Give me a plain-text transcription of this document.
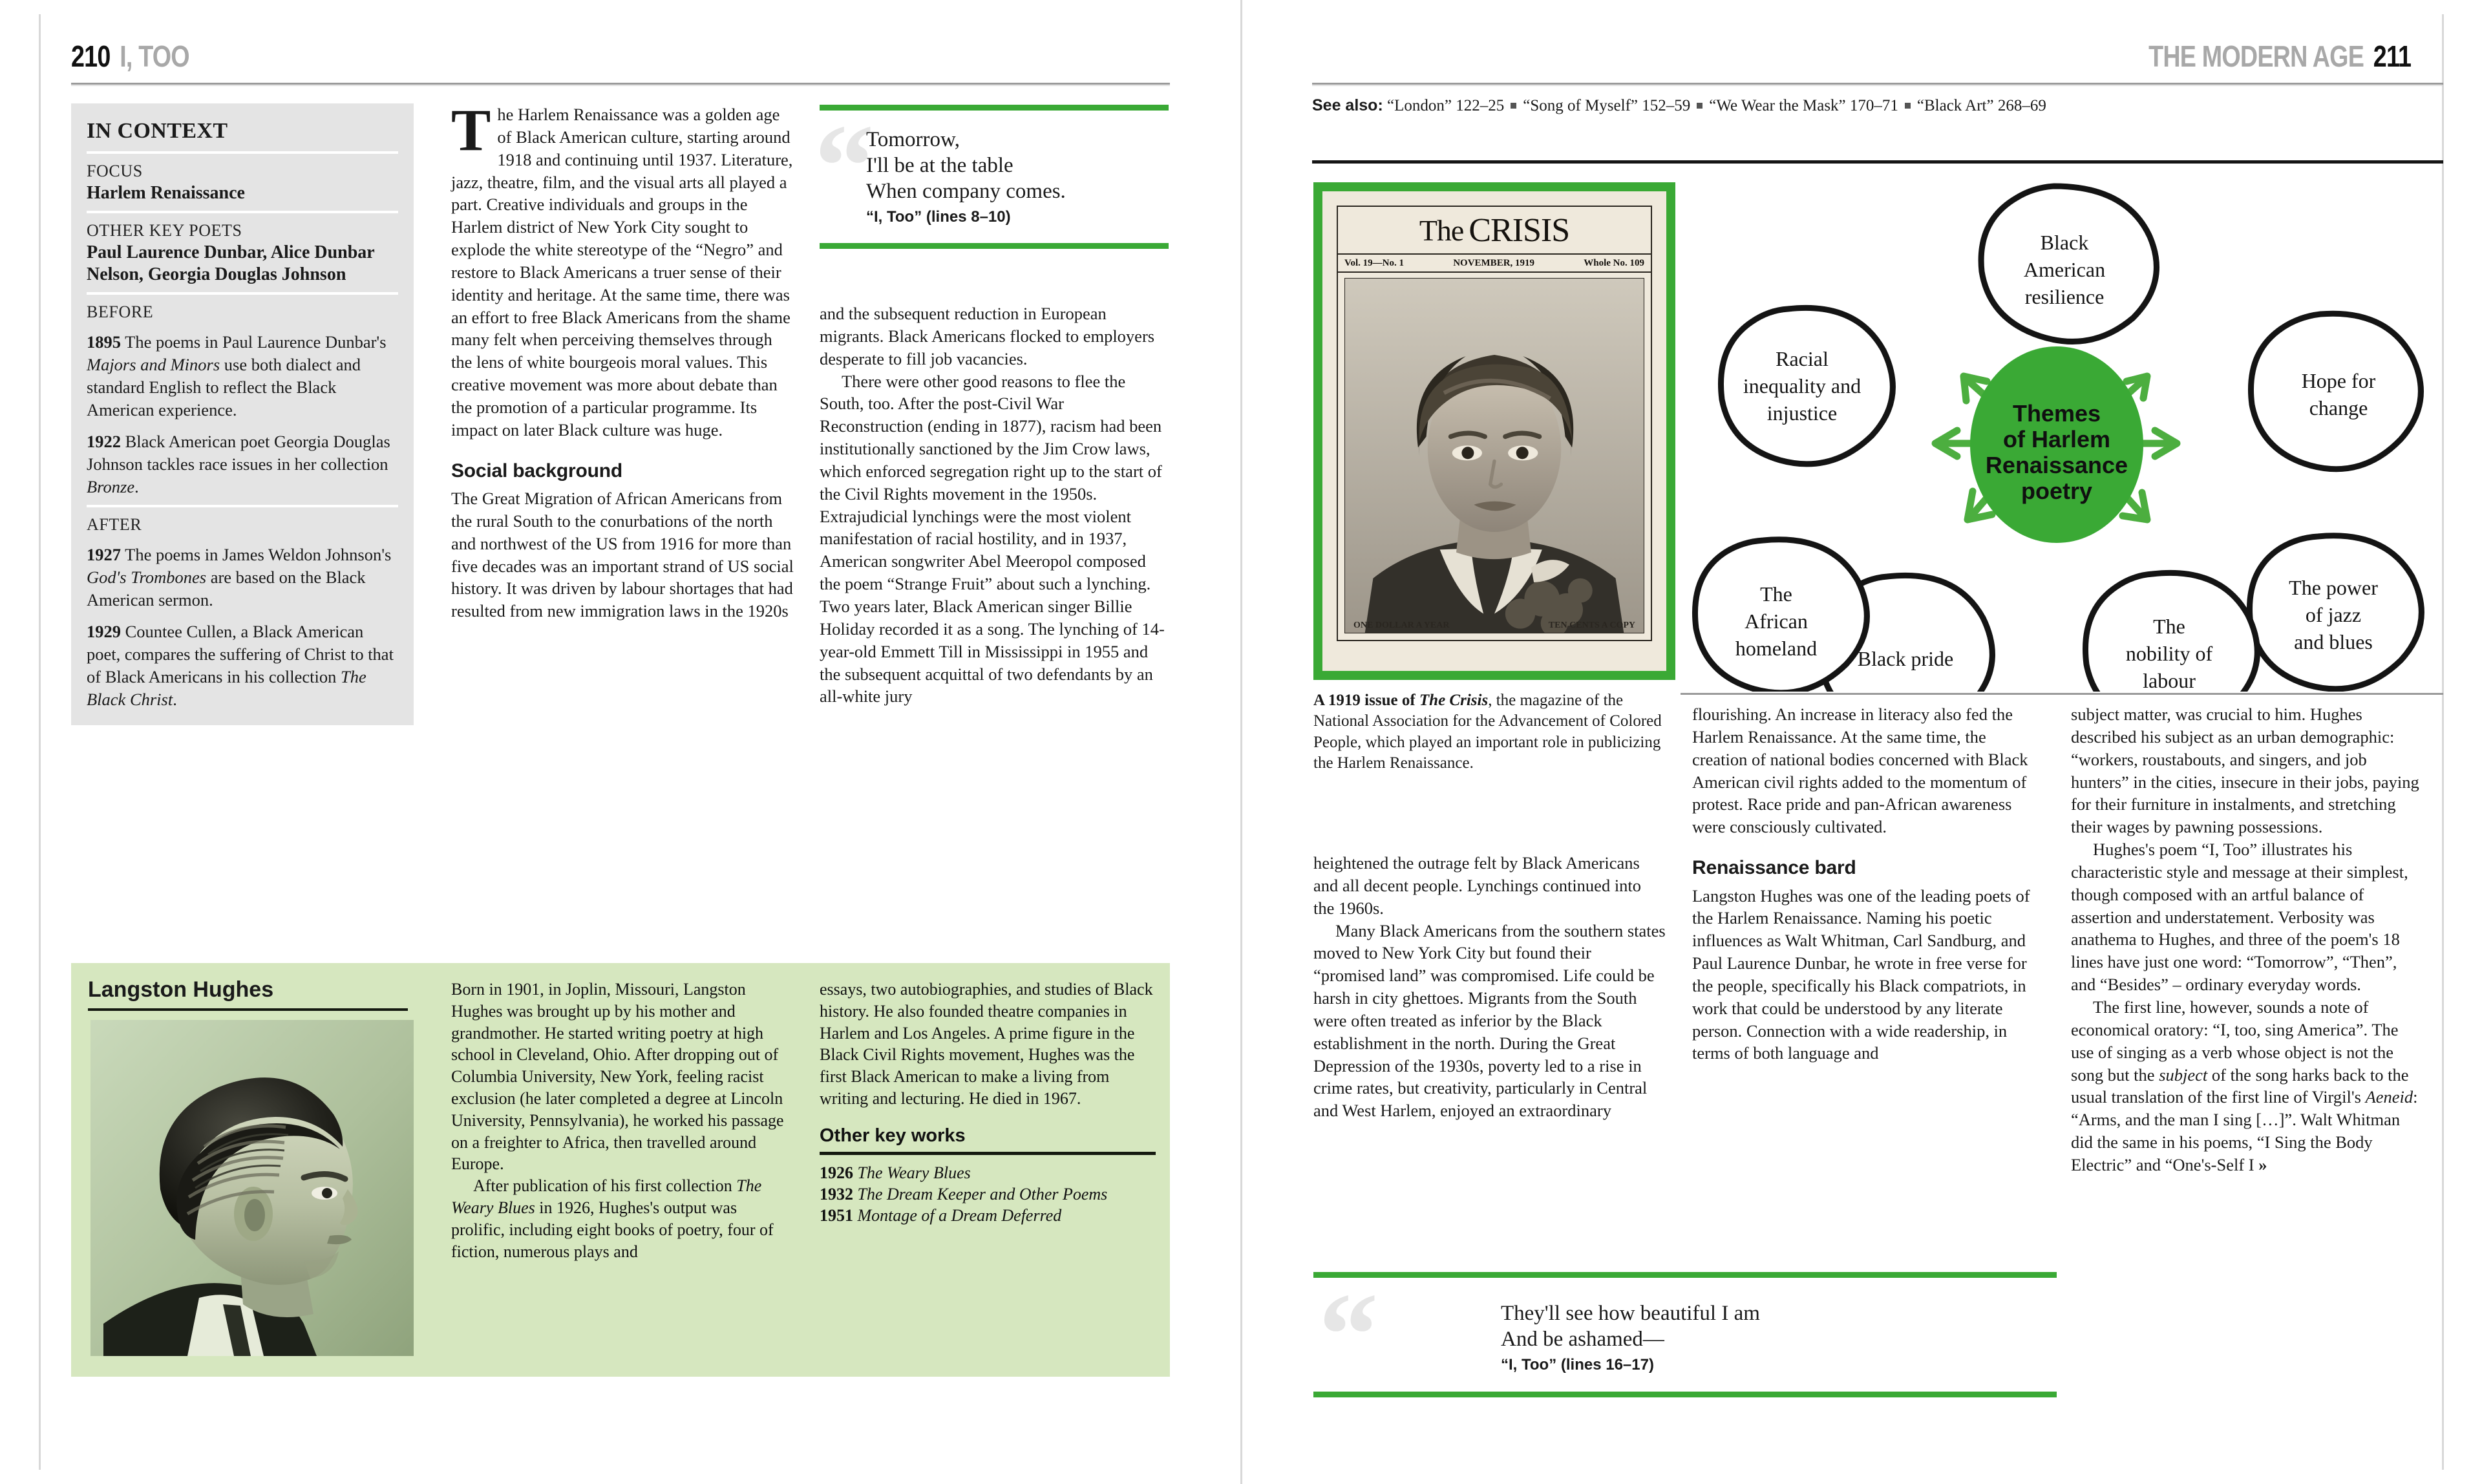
210 I, TOO
IN CONTEXT
FOCUS
Harlem Renaissance
OTHER KEY POETS
Paul Laurence Dunbar, Alice Dunbar Nelson, Georgia Douglas Johnson
BEFORE
1895 The poems in Paul Laurence Dunbar's Majors and Minors use both dialect and standard English to reflect the Black American experience.
1922 Black American poet Georgia Douglas Johnson tackles race issues in her collection Bronze.
AFTER
1927 The poems in James Weldon Johnson's God's Trombones are based on the Black American sermon.
1929 Countee Cullen, a Black American poet, compares the suffering of Christ to that of Black Americans in his collection The Black Christ.
T he Harlem Renaissance was a golden age of Black American culture, starting around 1918 and continuing until 1937. Literature, jazz, theatre, film, and the visual arts all played a part. Creative individuals and groups in the Harlem district of New York City sought to explode the white stereotype of the “Negro” and restore to Black Americans a truer sense of their identity and heritage. At the same time, there was an effort to free Black Americans from the shame many felt when perceiving themselves through the lens of white bourgeois moral values. This creative movement was more about debate than the promotion of a particular programme. Its impact on later Black culture was huge.

Social background

The Great Migration of African Americans from the rural South to the conurbations of the north and northwest of the US from 1916 for more than five decades was an important strand of US social history. It was driven by labour shortages that had resulted from new immigration laws in the 1920s

“
Tomorrow,
I'll be at the table
When company comes.
“I, Too” (lines 8–10)

and the subsequent reduction in European migrants. Black Americans flocked to employers desperate to fill job vacancies.

There were other good reasons to flee the South, too. After the post-Civil War Reconstruction (ending in 1877), racism had been institutionally sanctioned by the Jim Crow laws, which enforced segregation right up to the start of the Civil Rights movement in the 1950s. Extrajudicial lynchings were the most violent manifestation of racial hostility, and in 1937, American songwriter Abel Meeropol composed the poem “Strange Fruit” about such a lynching. Two years later, Black American singer Billie Holiday recorded it as a song. The lynching of 14-year-old Emmett Till in Mississippi in 1955 and the subsequent acquittal of two defendants by an all-white jury

Langston Hughes	Born in 1901, in Joplin, Missouri, Langston Hughes was brought up by his mother and grandmother. He started writing poetry at high school in Cleveland, Ohio. After dropping out of Columbia University, New York, feeling racist exclusion (he later completed a degree at Lincoln University, Pennsylvania), he worked his passage on a freighter to Africa, then travelled around Europe.

After publication of his first collection The Weary Blues in 1926, Hughes's output was prolific, including eight books of poetry, four of fiction, numerous plays and

essays, two autobiographies, and studies of Black history. He also founded theatre companies in Harlem and Los Angeles. A prime figure in the Black Civil Rights movement, Hughes was the first Black American to make a living from writing and lecturing. He died in 1967.

Other key works
1926 The Weary Blues
1932 The Dream Keeper and Other Poems
1951 Montage of a Dream Deferred
THE MODERN AGE 211
See also: “London” 122–25 “Song of Myself” 152–59 “We Wear the Mask” 170–71 “Black Art” 268–69
The CRISIS
Vol. 19—No. 1	NOVEMBER, 1919	Whole No. 109
ONE DOLLAR A YEAR	TEN CENTS A COPY
A 1919 issue of The Crisis, the magazine of the National Association for the Advancement of Colored People, which played an important role in publicizing the Harlem Renaissance.
Themes
of Harlem
Renaissance
poetry
Black
American
resilience
Hope for
change
The power
of jazz
and blues
The
nobility of
labour
Black pride
The
African
homeland
Racial
inequality and
injustice

heightened the outrage felt by Black Americans and all decent people. Lynchings continued into the 1960s.

Many Black Americans from the southern states moved to New York City but found their “promised land” was compromised. Life could be harsh in city ghettoes. Migrants from the South were often treated as inferior by the Black establishment in the north. During the Great Depression of the 1930s, poverty led to a rise in crime rates, but creativity, particularly in Central and West Harlem, enjoyed an extraordinary

flourishing. An increase in literacy also fed the Harlem Renaissance. At the same time, the creation of national bodies concerned with Black American civil rights added to the momentum of protest. Race pride and pan-African awareness were consciously cultivated.

Renaissance bard

Langston Hughes was one of the leading poets of the Harlem Renaissance. Naming his poetic influences as Walt Whitman, Carl Sandburg, and Paul Laurence Dunbar, he wrote in free verse for the people, specifically his Black compatriots, in work that could be understood by any literate person. Connection with a wide readership, in terms of both language and

subject matter, was crucial to him. Hughes described his subject as an urban demographic: “workers, roustabouts, and singers, and job hunters” in the cities, insecure in their jobs, paying for their furniture in instalments, and stretching their wages by pawning possessions.

Hughes's poem “I, Too” illustrates his characteristic style and message at their simplest, though composed with an artful balance of assertion and understatement. Verbosity was anathema to Hughes, and three of the poem's 18 lines have just one word: “Tomorrow”, “Then”, and “Besides” – ordinary everyday words.

The first line, however, sounds a note of economical oratory: “I, too, sing America”. The use of singing as a verb whose object is not the song but the subject of the song harks back to the usual translation of the first line of Virgil's Aeneid: “Arms, and the man I sing […]”. Walt Whitman did the same in his poems, “I Sing the Body Electric” and “One's-Self I »

“	They'll see how beautiful I am
And be ashamed—
“I, Too” (lines 16–17)
